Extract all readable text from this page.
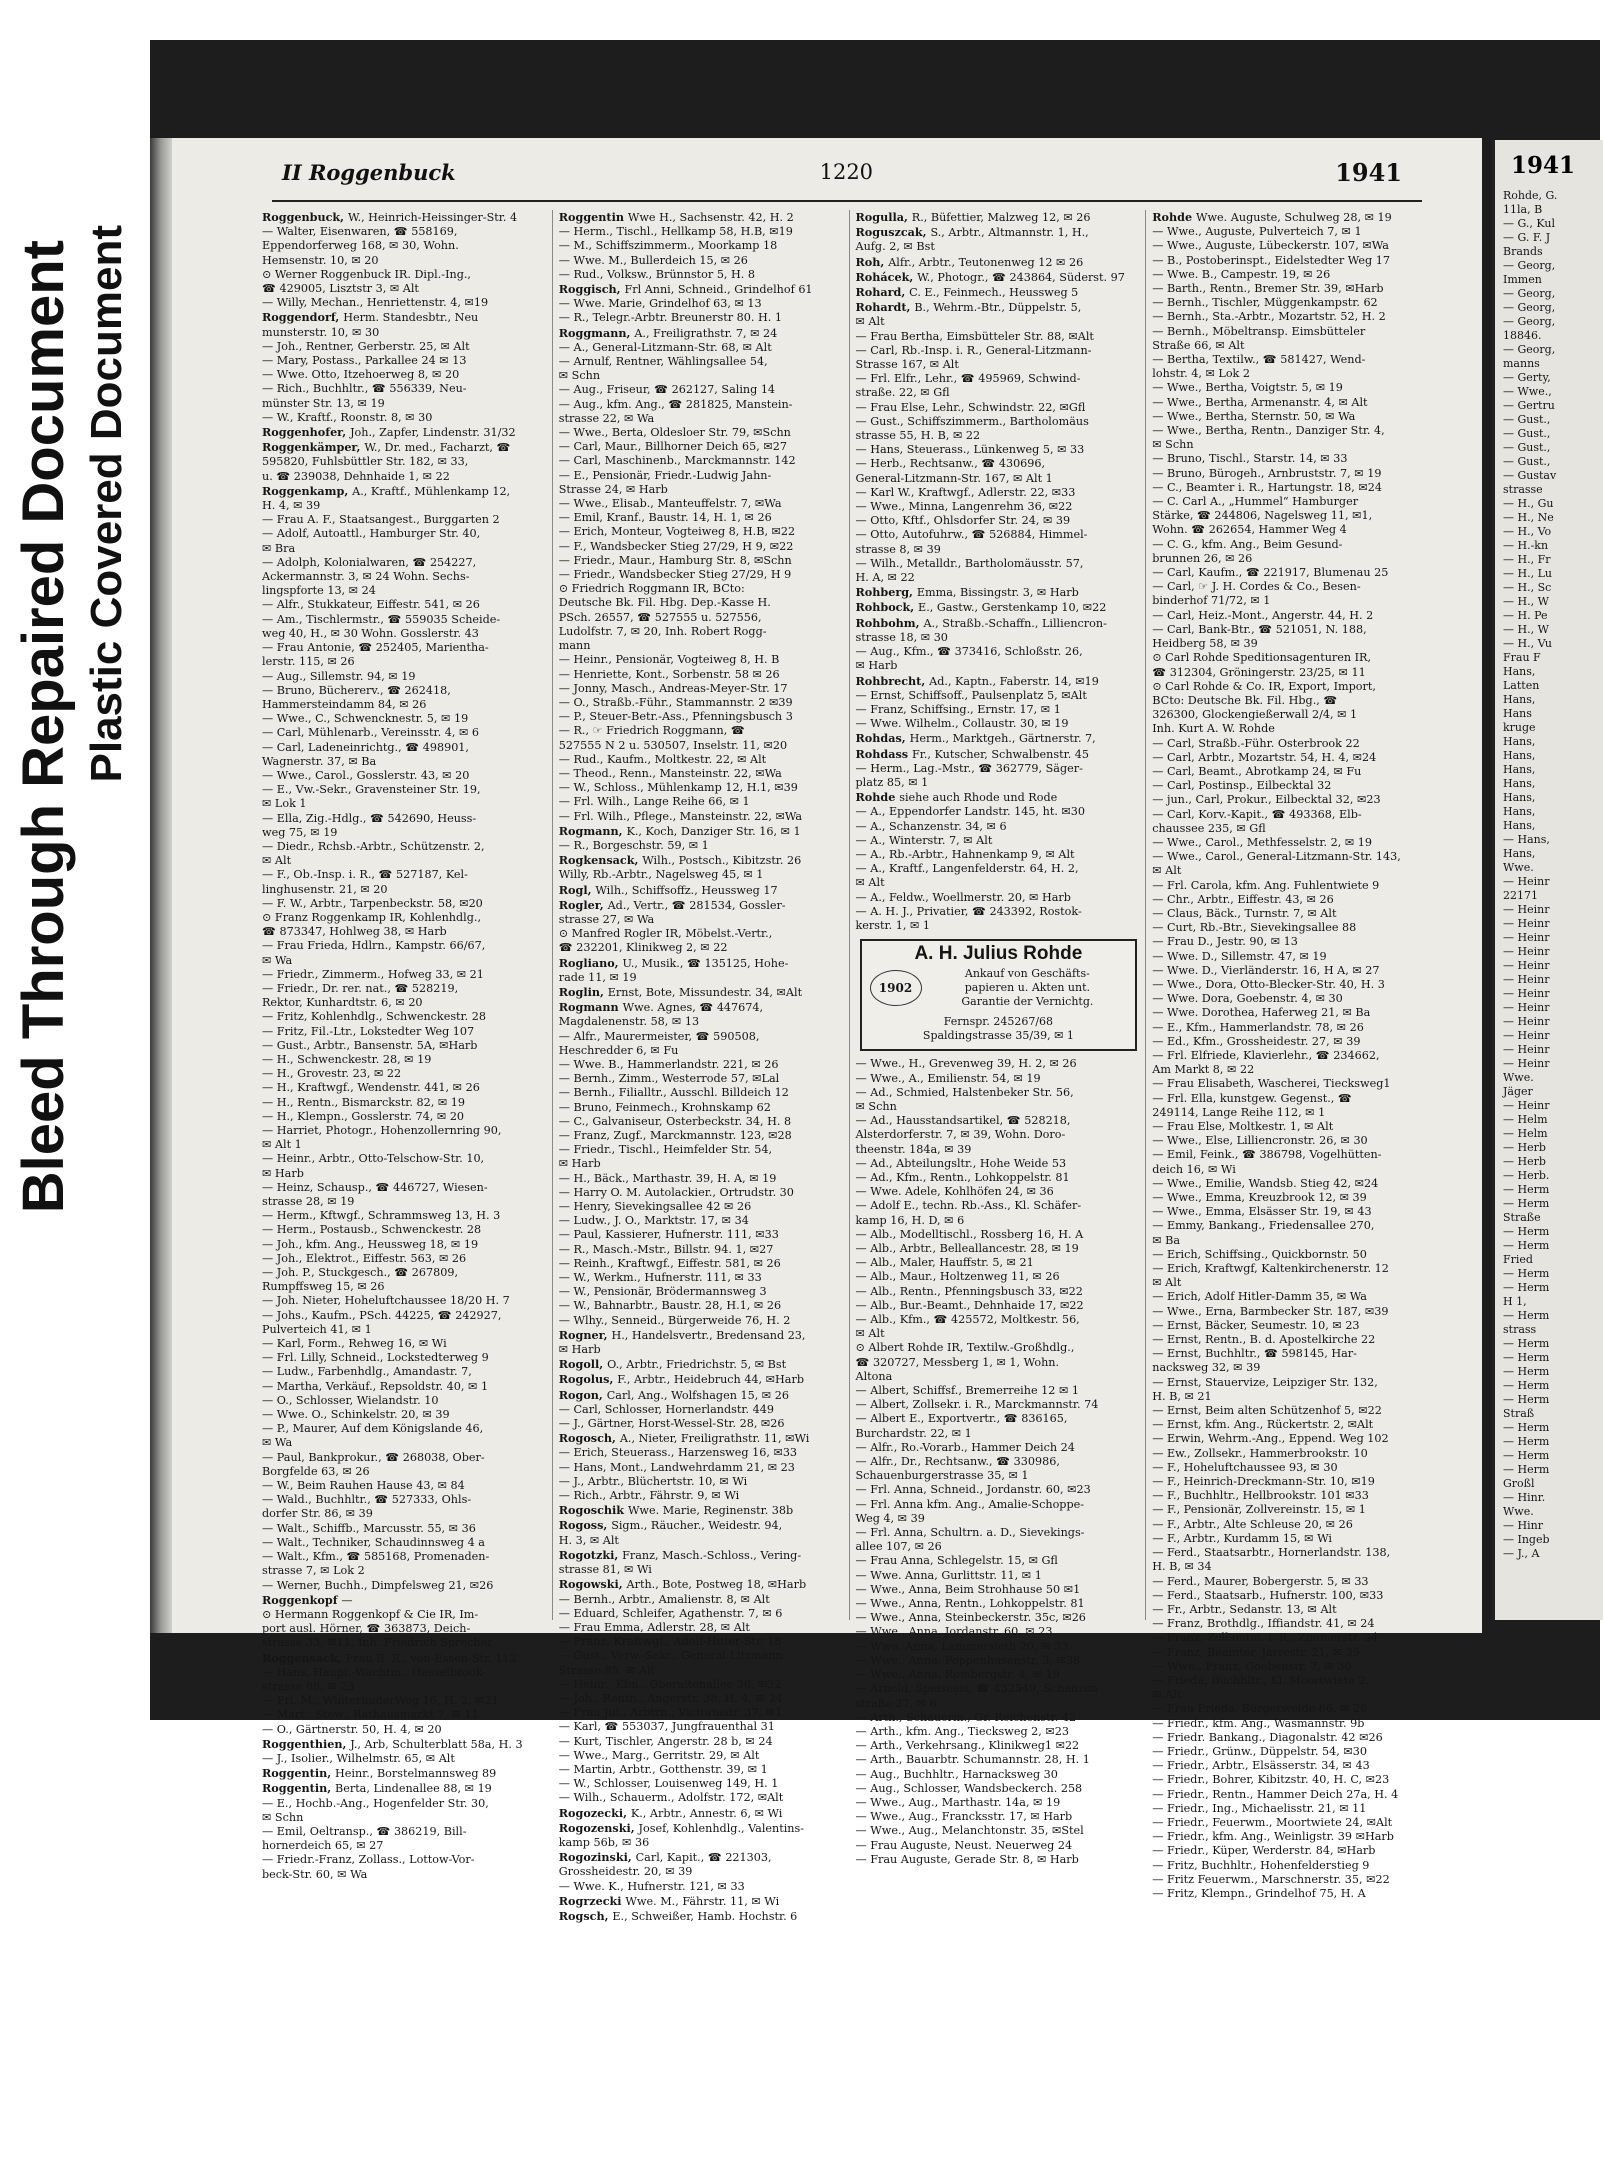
Bleed Through Repaired Document Plastic Covered Document
II Roggenbuck	1220	1941
Roggenbuck, W., Heinrich-Heissinger-Str. 4
— Walter, Eisenwaren, ☎ 558169,
Eppendorferweg 168, ✉ 30, Wohn.
Hemsenstr. 10, ✉ 20
⊙ Werner Roggenbuck IR. Dipl.-Ing.,
☎ 429005, Lisztstr 3, ✉ Alt
— Willy, Mechan., Henriettenstr. 4, ✉19
Roggendorf, Herm. Standesbtr., Neu
munsterstr. 10, ✉ 30
— Joh., Rentner, Gerberstr. 25, ✉ Alt
— Mary, Postass., Parkallee 24 ✉ 13
— Wwe. Otto, Itzehoerweg 8, ✉ 20
— Rich., Buchhltr., ☎ 556339, Neu-
münster Str. 13, ✉ 19
— W., Kraftf., Roonstr. 8, ✉ 30
Roggenhofer, Joh., Zapfer, Lindenstr. 31/32
Roggenkämper, W., Dr. med., Facharzt, ☎
595820, Fuhlsbüttler Str. 182, ✉ 33,
u. ☎ 239038, Dehnhaide 1, ✉ 22
Roggenkamp, A., Kraftf., Mühlenkamp 12,
H. 4, ✉ 39
— Frau A. F., Staatsangest., Burggarten 2
— Adolf, Autoattl., Hamburger Str. 40,
✉ Bra
— Adolph, Kolonialwaren, ☎ 254227,
Ackermannstr. 3, ✉ 24 Wohn. Sechs-
lingspforte 13, ✉ 24
— Alfr., Stukkateur, Eiffestr. 541, ✉ 26
— Am., Tischlermstr., ☎ 559035 Scheide-
weg 40, H., ✉ 30 Wohn. Gosslerstr. 43
— Frau Antonie, ☎ 252405, Marientha-
lerstr. 115, ✉ 26
— Aug., Sillemstr. 94, ✉ 19
— Bruno, Büchererv., ☎ 262418,
Hammersteindamm 84, ✉ 26
— Wwe., C., Schwencknestr. 5, ✉ 19
— Carl, Mühlenarb., Vereinsstr. 4, ✉ 6
— Carl, Ladeneinrichtg., ☎ 498901,
Wagnerstr. 37, ✉ Ba
— Wwe., Carol., Gosslerstr. 43, ✉ 20
— E., Vw.-Sekr., Gravensteiner Str. 19,
✉ Lok 1
— Ella, Zig.-Hdlg., ☎ 542690, Heuss-
weg 75, ✉ 19
— Diedr., Rchsb.-Arbtr., Schützenstr. 2,
✉ Alt
— F., Ob.-Insp. i. R., ☎ 527187, Kel-
linghusenstr. 21, ✉ 20
— F. W., Arbtr., Tarpenbeckstr. 58, ✉20
⊙ Franz Roggenkamp IR, Kohlenhdlg.,
☎ 873347, Hohlweg 38, ✉ Harb
— Frau Frieda, Hdlrn., Kampstr. 66/67,
✉ Wa
— Friedr., Zimmerm., Hofweg 33, ✉ 21
— Friedr., Dr. rer. nat., ☎ 528219,
Rektor, Kunhardtstr. 6, ✉ 20
— Fritz, Kohlenhdlg., Schwenckestr. 28
— Fritz, Fil.-Ltr., Lokstedter Weg 107
— Gust., Arbtr., Bansenstr. 5A, ✉Harb
— H., Schwenckestr. 28, ✉ 19
— H., Grovestr. 23, ✉ 22
— H., Kraftwgf., Wendenstr. 441, ✉ 26
— H., Rentn., Bismarckstr. 82, ✉ 19
— H., Klempn., Gosslerstr. 74, ✉ 20
— Harriet, Photogr., Hohenzollernring 90,
✉ Alt 1
— Heinr., Arbtr., Otto-Telschow-Str. 10,
✉ Harb
— Heinz, Schausp., ☎ 446727, Wiesen-
strasse 28, ✉ 19
— Herm., Kftwgf., Schrammsweg 13, H. 3
— Herm., Postausb., Schwenckestr. 28
— Joh., kfm. Ang., Heussweg 18, ✉ 19
— Joh., Elektrot., Eiffestr. 563, ✉ 26
— Joh. P., Stuckgesch., ☎ 267809,
Rumpffsweg 15, ✉ 26
— Joh. Nieter, Hoheluftchaussee 18/20 H. 7
— Johs., Kaufm., PSch. 44225, ☎ 242927,
Pulverteich 41, ✉ 1
— Karl, Form., Rehweg 16, ✉ Wi
— Frl. Lilly, Schneid., Lockstedterweg 9
— Ludw., Farbenhdlg., Amandastr. 7,
— Martha, Verkäuf., Repsoldstr. 40, ✉ 1
— O., Schlosser, Wielandstr. 10
— Wwe. O., Schinkelstr. 20, ✉ 39
— P., Maurer, Auf dem Königslande 46,
✉ Wa
— Paul, Bankprokur., ☎ 268038, Ober-
Borgfelde 63, ✉ 26
— W., Beim Rauhen Hause 43, ✉ 84
— Wald., Buchhltr., ☎ 527333, Ohls-
dorfer Str. 86, ✉ 39
— Walt., Schiffb., Marcusstr. 55, ✉ 36
— Walt., Techniker, Schaudinnsweg 4 a
— Walt., Kfm., ☎ 585168, Promenaden-
strasse 7, ✉ Lok 2
— Werner, Buchh., Dimpfelsweg 21, ✉26
Roggenkopf —
⊙ Hermann Roggenkopf & Cie IR, Im-
port ausl. Hörner, ☎ 363873, Deich-
strasse 33, ✉11, Inh. Friedrich Sprecher
Roggensack, Frau B. R., von-Essen-Str. 112
— Hans, Haupt.-Wachtm., Hasselbrook-
strasse 88, ✉ 23
— Frl. M., WinterhuderWeg 16, H. 2, ✉21
— Mart., Stew., Rathausmarkt 7, ✉ 11
— O., Gärtnerstr. 50, H. 4, ✉ 20
Roggenthien, J., Arb, Schulterblatt 58a, H. 3
— J., Isolier., Wilhelmstr. 65, ✉ Alt
Roggentin, Heinr., Borstelmannsweg 89
Roggentin, Berta, Lindenallee 88, ✉ 19
— E., Hochb.-Ang., Hogenfelder Str. 30,
✉ Schn
— Emil, Oeltransp., ☎ 386219, Bill-
hornerdeich 65, ✉ 27
— Friedr.-Franz, Zollass., Lottow-Vor-
beck-Str. 60, ✉ Wa
Roggentin Wwe H., Sachsenstr. 42, H. 2
— Herm., Tischl., Hellkamp 58, H.B, ✉19
— M., Schiffszimmerm., Moorkamp 18
— Wwe. M., Bullerdeich 15, ✉ 26
— Rud., Volksw., Brünnstor 5, H. 8
Roggisch, Frl Anni, Schneid., Grindelhof 61
— Wwe. Marie, Grindelhof 63, ✉ 13
— R., Telegr.-Arbtr. Breunerstr 80. H. 1
Roggmann, A., Freiligrathstr. 7, ✉ 24
— A., General-Litzmann-Str. 68, ✉ Alt
— Arnulf, Rentner, Wählingsallee 54,
✉ Schn
— Aug., Friseur, ☎ 262127, Saling 14
— Aug., kfm. Ang., ☎ 281825, Manstein-
strasse 22, ✉ Wa
— Wwe., Berta, Oldesloer Str. 79, ✉Schn
— Carl, Maur., Billhorner Deich 65, ✉27
— Carl, Maschinenb., Marckmannstr. 142
— E., Pensionär, Friedr.-Ludwig Jahn-
Strasse 24, ✉ Harb
— Wwe., Elisab., Manteuffelstr. 7, ✉Wa
— Emil, Kranf., Baustr. 14, H. 1, ✉ 26
— Erich, Monteur, Vogteiweg 8, H.B, ✉22
— F., Wandsbecker Stieg 27/29, H 9, ✉22
— Friedr., Maur., Hamburg Str. 8, ✉Schn
— Friedr., Wandsbecker Stieg 27/29, H 9
⊙ Friedrich Roggmann IR, BCto:
Deutsche Bk. Fil. Hbg. Dep.-Kasse H.
PSch. 26557, ☎ 527555 u. 527556,
Ludolfstr. 7, ✉ 20, Inh. Robert Rogg-
mann
— Heinr., Pensionär, Vogteiweg 8, H. B
— Henriette, Kont., Sorbenstr. 58 ✉ 26
— Jonny, Masch., Andreas-Meyer-Str. 17
— O., Straßb.-Führ., Stammannstr. 2 ✉39
— P., Steuer-Betr.-Ass., Pfenningsbusch 3
— R., ☞ Friedrich Roggmann, ☎
527555 N 2 u. 530507, Inselstr. 11, ✉20
— Rud., Kaufm., Moltkestr. 22, ✉ Alt
— Theod., Renn., Mansteinstr. 22, ✉Wa
— W., Schloss., Mühlenkamp 12, H.1, ✉39
— Frl. Wilh., Lange Reihe 66, ✉ 1
— Frl. Wilh., Pflege., Mansteinstr. 22, ✉Wa
Rogmann, K., Koch, Danziger Str. 16, ✉ 1
— R., Borgeschstr. 59, ✉ 1
Rogkensack, Wilh., Postsch., Kibitzstr. 26
Willy, Rb.-Arbtr., Nagelsweg 45, ✉ 1
Rogl, Wilh., Schiffsoffz., Heussweg 17
Rogler, Ad., Vertr., ☎ 281534, Gossler-
strasse 27, ✉ Wa
⊙ Manfred Rogler IR, Möbelst.-Vertr.,
☎ 232201, Klinikweg 2, ✉ 22
Rogliano, U., Musik., ☎ 135125, Hohe-
rade 11, ✉ 19
Roglin, Ernst, Bote, Missundestr. 34, ✉Alt
Rogmann Wwe. Agnes, ☎ 447674,
Magdalenenstr. 58, ✉ 13
— Alfr., Maurermeister, ☎ 590508,
Heschredder 6, ✉ Fu
— Wwe. B., Hammerlandstr. 221, ✉ 26
— Bernh., Zimm., Westerrode 57, ✉Lal
— Bernh., Filialltr., Ausschl. Billdeich 12
— Bruno, Feinmech., Krohnskamp 62
— C., Galvaniseur, Osterbeckstr. 34, H. 8
— Franz, Zugf., Marckmannstr. 123, ✉28
— Friedr., Tischl., Heimfelder Str. 54,
✉ Harb
— H., Bäck., Marthastr. 39, H. A, ✉ 19
— Harry O. M. Autolackier., Ortrudstr. 30
— Henry, Sievekingsallee 42 ✉ 26
— Ludw., J. O., Marktstr. 17, ✉ 34
— Paul, Kassierer, Hufnerstr. 111, ✉33
— R., Masch.-Mstr., Billstr. 94. 1, ✉27
— Reinh., Kraftwgf., Eiffestr. 581, ✉ 26
— W., Werkm., Hufnerstr. 111, ✉ 33
— W., Pensionär, Brödermannsweg 3
— W., Bahnarbtr., Baustr. 28, H.1, ✉ 26
— Wlhy., Senneid., Bürgerweide 76, H. 2
Rogner, H., Handelsvertr., Bredensand 23,
✉ Harb
Rogoll, O., Arbtr., Friedrichstr. 5, ✉ Bst
Rogolus, F., Arbtr., Heidebruch 44, ✉Harb
Rogon, Carl, Ang., Wolfshagen 15, ✉ 26
— Carl, Schlosser, Hornerlandstr. 449
— J., Gärtner, Horst-Wessel-Str. 28, ✉26
Rogosch, A., Nieter, Freiligrathstr. 11, ✉Wi
— Erich, Steuerass., Harzensweg 16, ✉33
— Hans, Mont., Landwehrdamm 21, ✉ 23
— J., Arbtr., Blüchertstr. 10, ✉ Wi
— Rich., Arbtr., Fährstr. 9, ✉ Wi
Rogoschik Wwe. Marie, Reginenstr. 38b
Rogoss, Sigm., Räucher., Weidestr. 94,
H. 3, ✉ Alt
Rogotzki, Franz, Masch.-Schloss., Vering-
strasse 81, ✉ Wi
Rogowski, Arth., Bote, Postweg 18, ✉Harb
— Bernh., Arbtr., Amalienstr. 8, ✉ Alt
— Eduard, Schleifer, Agathenstr. 7, ✉ 6
— Frau Emma, Adlerstr. 28, ✉ Alt
— Franz, Kraftwgf., Adolf-Hitler-Str. 18
— Gust., Verw.-Sekr., General-Litzmann-
Strasse 85, ✉ Alt
— Heinr., Kfm., Oberaltenallee 36, ✉22
— Joh., Rentn., Angerstr. 38, H. 4, ✉ 24
— Frau Jul., Arbtrn., Victoriastr. 37, ✉1
— Karl, ☎ 553037, Jungfrauenthal 31
— Kurt, Tischler, Angerstr. 28 b, ✉ 24
— Wwe., Marg., Gerritstr. 29, ✉ Alt
— Martin, Arbtr., Gotthenstr. 39, ✉ 1
— W., Schlosser, Louisenweg 149, H. 1
— Wilh., Schauerm., Adolfstr. 172, ✉Alt
Rogozecki, K., Arbtr., Annestr. 6, ✉ Wi
Rogozenski, Josef, Kohlenhdlg., Valentins-
kamp 56b, ✉ 36
Rogozinski, Carl, Kapit., ☎ 221303,
Grossheidestr. 20, ✉ 39
— Wwe. K., Hufnerstr. 121, ✉ 33
Rogrzecki Wwe. M., Fährstr. 11, ✉ Wi
Rogsch, E., Schweißer, Hamb. Hochstr. 6
Rogulla, R., Büfettier, Malzweg 12, ✉ 26
Roguszcak, S., Arbtr., Altmannstr. 1, H.,
Aufg. 2, ✉ Bst
Roh, Alfr., Arbtr., Teutonenweg 12 ✉ 26
Rohácek, W., Photogr., ☎ 243864, Süderst. 97
Rohard, C. E., Feinmech., Heussweg 5
Rohardt, B., Wehrm.-Btr., Düppelstr. 5,
✉ Alt
— Frau Bertha, Eimsbütteler Str. 88, ✉Alt
— Carl, Rb.-Insp. i. R., General-Litzmann-
Strasse 167, ✉ Alt
— Frl. Elfr., Lehr., ☎ 495969, Schwind-
straße. 22, ✉ Gfl
— Frau Else, Lehr., Schwindstr. 22, ✉Gfl
— Gust., Schiffszimmerm., Bartholomäus
strasse 55, H. B, ✉ 22
— Hans, Steuerass., Lünkenweg 5, ✉ 33
— Herb., Rechtsanw., ☎ 430696,
General-Litzmann-Str. 167, ✉ Alt 1
— Karl W., Kraftwgf., Adlerstr. 22, ✉33
— Wwe., Minna, Langenrehm 36, ✉22
— Otto, Kftf., Ohlsdorfer Str. 24, ✉ 39
— Otto, Autofuhrw., ☎ 526884, Himmel-
strasse 8, ✉ 39
— Wilh., Metalldr., Bartholomäusstr. 57,
H. A, ✉ 22
Rohberg, Emma, Bissingstr. 3, ✉ Harb
Rohbock, E., Gastw., Gerstenkamp 10, ✉22
Rohbohm, A., Straßb.-Schaffn., Lilliencron-
strasse 18, ✉ 30
— Aug., Kfm., ☎ 373416, Schloßstr. 26,
✉ Harb
Rohbrecht, Ad., Kaptn., Faberstr. 14, ✉19
— Ernst, Schiffsoff., Paulsenplatz 5, ✉Alt
— Franz, Schiffsing., Ernstr. 17, ✉ 1
— Wwe. Wilhelm., Collaustr. 30, ✉ 19
Rohdas, Herm., Marktgeh., Gärtnerstr. 7,
Rohdass Fr., Kutscher, Schwalbenstr. 45
— Herm., Lag.-Mstr., ☎ 362779, Säger-
platz 85, ✉ 1
Rohde siehe auch Rhode und Rode
— A., Eppendorfer Landstr. 145, ht. ✉30
— A., Schanzenstr. 34, ✉ 6
— A., Winterstr. 7, ✉ Alt
— A., Rb.-Arbtr., Hahnenkamp 9, ✉ Alt
— A., Kraftf., Langenfelderstr. 64, H. 2,
✉ Alt
— A., Feldw., Woellmerstr. 20, ✉ Harb
— A. H. J., Privatier, ☎ 243392, Rostok-
kerstr. 1, ✉ 1
A. H. Julius Rohde
1902
Ankauf von Geschäfts-
papieren u. Akten unt.
Garantie der Vernichtg.
Fernspr. 245267/68
Spaldingstrasse 35/39, ✉ 1
— Wwe., H., Grevenweg 39, H. 2, ✉ 26
— Wwe., A., Emilienstr. 54, ✉ 19
— Ad., Schmied, Halstenbeker Str. 56,
✉ Schn
— Ad., Hausstandsartikel, ☎ 528218,
Alsterdorferstr. 7, ✉ 39, Wohn. Doro-
theenstr. 184a, ✉ 39
— Ad., Abteilungsltr., Hohe Weide 53
— Ad., Kfm., Rentn., Lohkoppelstr. 81
— Wwe. Adele, Kohlhöfen 24, ✉ 36
— Adolf E., techn. Rb.-Ass., Kl. Schäfer-
kamp 16, H. D, ✉ 6
— Alb., Modelltischl., Rossberg 16, H. A
— Alb., Arbtr., Belleallancestr. 28, ✉ 19
— Alb., Maler, Hauffstr. 5, ✉ 21
— Alb., Maur., Holtzenweg 11, ✉ 26
— Alb., Rentn., Pfenningsbusch 33, ✉22
— Alb., Bur.-Beamt., Dehnhaide 17, ✉22
— Alb., Kfm., ☎ 425572, Moltkestr. 56,
✉ Alt
⊙ Albert Rohde IR, Textilw.-Großhdlg.,
☎ 320727, Messberg 1, ✉ 1, Wohn.
Altona
— Albert, Schiffsf., Bremerreihe 12 ✉ 1
— Albert, Zollsekr. i. R., Marckmannstr. 74
— Albert E., Exportvertr., ☎ 836165,
Burchardstr. 22, ✉ 1
— Alfr., Ro.-Vorarb., Hammer Deich 24
— Alfr., Dr., Rechtsanw., ☎ 330986,
Schauenburgerstrasse 35, ✉ 1
— Frl. Anna, Schneid., Jordanstr. 60, ✉23
— Frl. Anna kfm. Ang., Amalie-Schoppe-
Weg 4, ✉ 39
— Frl. Anna, Schultrn. a. D., Sievekings-
allee 107, ✉ 26
— Frau Anna, Schlegelstr. 15, ✉ Gfl
— Wwe. Anna, Gurlittstr. 11, ✉ 1
— Wwe., Anna, Beim Strohhause 50 ✉1
— Wwe., Anna, Rentn., Lohkoppelstr. 81
— Wwe., Anna, Steinbeckerstr. 35c, ✉26
— Wwe., Anna, Jordanstr. 60, ✉ 23
— Wwe. Anna, Lammersieth 20, ✉ 33
— Wwe., Anna, Poppenhusenstr. 3, ✉38
— Wwe., Anna, Rombergstr. 4, ✉ 19
— Arnold, Speiseeis, ☎ 432549, Schanzen-
straße 27, ✉ 6
— Arth., Schauerm., Gr. Reichenstr. 42
— Arth., kfm. Ang., Tiecksweg 2, ✉23
— Arth., Verkehrsang., Klinikweg1 ✉22
— Arth., Bauarbtr. Schumannstr. 28, H. 1
— Aug., Buchhltr., Harnacksweg 30
— Aug., Schlosser, Wandsbeckerch. 258
— Wwe., Aug., Marthastr. 14a, ✉ 19
— Wwe., Aug., Francksstr. 17, ✉ Harb
— Wwe., Aug., Melanchtonstr. 35, ✉Stel
— Frau Auguste, Neust. Neuerweg 24
— Frau Auguste, Gerade Str. 8, ✉ Harb
Rohde Wwe. Auguste, Schulweg 28, ✉ 19
— Wwe., Auguste, Pulverteich 7, ✉ 1
— Wwe., Auguste, Lübeckerstr. 107, ✉Wa
— B., Postoberinspt., Eidelstedter Weg 17
— Wwe. B., Campestr. 19, ✉ 26
— Barth., Rentn., Bremer Str. 39, ✉Harb
— Bernh., Tischler, Müggenkampstr. 62
— Bernh., Sta.-Arbtr., Mozartstr. 52, H. 2
— Bernh., Möbeltransp. Eimsbütteler
Straße 66, ✉ Alt
— Bertha, Textilw., ☎ 581427, Wend-
lohstr. 4, ✉ Lok 2
— Wwe., Bertha, Voigtstr. 5, ✉ 19
— Wwe., Bertha, Armenanstr. 4, ✉ Alt
— Wwe., Bertha, Sternstr. 50, ✉ Wa
— Wwe., Bertha, Rentn., Danziger Str. 4,
✉ Schn
— Bruno, Tischl., Starstr. 14, ✉ 33
— Bruno, Bürogeh., Arnbruststr. 7, ✉ 19
— C., Beamter i. R., Hartungstr. 18, ✉24
— C. Carl A., „Hummel“ Hamburger
Stärke, ☎ 244806, Nagelsweg 11, ✉1,
Wohn. ☎ 262654, Hammer Weg 4
— C. G., kfm. Ang., Beim Gesund-
brunnen 26, ✉ 26
— Carl, Kaufm., ☎ 221917, Blumenau 25
— Carl, ☞ J. H. Cordes & Co., Besen-
binderhof 71/72, ✉ 1
— Carl, Heiz.-Mont., Angerstr. 44, H. 2
— Carl, Bank-Btr., ☎ 521051, N. 188,
Heidberg 58, ✉ 39
⊙ Carl Rohde Speditionsagenturen IR,
☎ 312304, Gröningerstr. 23/25, ✉ 11
⊙ Carl Rohde & Co. IR, Export, Import,
BCto: Deutsche Bk. Fil. Hbg., ☎
326300, Glockengießerwall 2/4, ✉ 1
Inh. Kurt A. W. Rohde
— Carl, Straßb.-Führ. Osterbrook 22
— Carl, Arbtr., Mozartstr. 54, H. 4, ✉24
— Carl, Beamt., Abrotkamp 24, ✉ Fu
— Carl, Postinsp., Eilbecktal 32
— jun., Carl, Prokur., Eilbecktal 32, ✉23
— Carl, Korv.-Kapit., ☎ 493368, Elb-
chaussee 235, ✉ Gfl
— Wwe., Carol., Methfesselstr. 2, ✉ 19
— Wwe., Carol., General-Litzmann-Str. 143,
✉ Alt
— Frl. Carola, kfm. Ang. Fuhlentwiete 9
— Chr., Arbtr., Eiffestr. 43, ✉ 26
— Claus, Bäck., Turnstr. 7, ✉ Alt
— Curt, Rb.-Btr., Sievekingsallee 88
— Frau D., Jestr. 90, ✉ 13
— Wwe. D., Sillemstr. 47, ✉ 19
— Wwe. D., Vierländerstr. 16, H A, ✉ 27
— Wwe., Dora, Otto-Blecker-Str. 40, H. 3
— Wwe. Dora, Goebenstr. 4, ✉ 30
— Wwe. Dorothea, Haferweg 21, ✉ Ba
— E., Kfm., Hammerlandstr. 78, ✉ 26
— Ed., Kfm., Grossheidestr. 27, ✉ 39
— Frl. Elfriede, Klavierlehr., ☎ 234662,
Am Markt 8, ✉ 22
— Frau Elisabeth, Wascherei, Tiecksweg1
— Frl. Ella, kunstgew. Gegenst., ☎
249114, Lange Reihe 112, ✉ 1
— Frau Else, Moltkestr. 1, ✉ Alt
— Wwe., Else, Lilliencronstr. 26, ✉ 30
— Emil, Feink., ☎ 386798, Vogelhütten-
deich 16, ✉ Wi
— Wwe., Emilie, Wandsb. Stieg 42, ✉24
— Wwe., Emma, Kreuzbrook 12, ✉ 39
— Wwe., Emma, Elsässer Str. 19, ✉ 43
— Emmy, Bankang., Friedensallee 270,
✉ Ba
— Erich, Schiffsing., Quickbornstr. 50
— Erich, Kraftwgf, Kaltenkirchenerstr. 12
✉ Alt
— Erich, Adolf Hitler-Damm 35, ✉ Wa
— Wwe., Erna, Barmbecker Str. 187, ✉39
— Ernst, Bäcker, Seumestr. 10, ✉ 23
— Ernst, Rentn., B. d. Apostelkirche 22
— Ernst, Buchhltr., ☎ 598145, Har-
nacksweg 32, ✉ 39
— Ernst, Stauervize, Leipziger Str. 132,
H. B, ✉ 21
— Ernst, Beim alten Schützenhof 5, ✉22
— Ernst, kfm. Ang., Rückertstr. 2, ✉Alt
— Erwin, Wehrm.-Ang., Eppend. Weg 102
— Ew., Zollsekr., Hammerbrookstr. 10
— F., Hoheluftchaussee 93, ✉ 30
— F., Heinrich-Dreckmann-Str. 10, ✉19
— F., Buchhltr., Hellbrookstr. 101 ✉33
— F., Pensionär, Zollvereinstr. 15, ✉ 1
— F., Arbtr., Alte Schleuse 20, ✉ 26
— F., Arbtr., Kurdamm 15, ✉ Wi
— Ferd., Staatsarbtr., Hornerlandstr. 138,
H. B, ✉ 34
— Ferd., Maurer, Bobergerstr. 5, ✉ 33
— Ferd., Staatsarb., Hufnerstr. 100, ✉33
— Fr., Arbtr., Sedanstr. 13, ✉ Alt
— Franz, Brothdlg., Iffiandstr. 41, ✉ 24
— Franz, Zollamtm. i. R., Zimmerstr. 34
— Franz, Beamter, Jarrestr. 21, ✉ 39
— Wwe., Franz, Goebenstr. 7, ✉ 30
— Frieda, Buchhltr., Kl. Moortwiete 2,
✉ Alt
— Frau Frieda, Bürgerweide 66, ✉ 26
— Friedr., kfm. Ang., Wasmannstr. 9b
— Friedr. Bankang., Diagonalstr. 42 ✉26
— Friedr., Grünw., Düppelstr. 54, ✉30
— Friedr., Arbtr., Elsässerstr. 34, ✉ 43
— Friedr., Bohrer, Kibitzstr. 40, H. C, ✉23
— Friedr., Rentn., Hammer Deich 27a, H. 4
— Friedr., Ing., Michaelisstr. 21, ✉ 11
— Friedr., Feuerwm., Moortwiete 24, ✉Alt
— Friedr., kfm. Ang., Weinligstr. 39 ✉Harb
— Friedr., Küper, Werderstr. 84, ✉Harb
— Fritz, Buchhltr., Hohenfelderstieg 9
— Fritz Feuerwm., Marschnerstr. 35, ✉22
— Fritz, Klempn., Grindelhof 75, H. A
1941
Rohde, G.
11la, B
— G., Kul
— G. F. J
Brands
— Georg,
Immen
— Georg,
— Georg,
— Georg,
18846.
— Georg,
manns
— Gerty,
— Wwe.,
— Gertru
— Gust.,
— Gust.,
— Gust.,
— Gust.,
— Gustav
strasse
— H., Gu
— H., Ne
— H., Vo
— H.-kn
— H., Fr
— H., Lu
— H., Sc
— H., W
— H. Pe
— H., W
— H., Vu
Frau F
Hans,
Latten
Hans,
Hans
kruge
Hans,
Hans,
Hans,
Hans,
Hans,
Hans,
Hans,
— Hans,
Hans,
Wwe.
— Heinr
22171
— Heinr
— Heinr
— Heinr
— Heinr
— Heinr
— Heinr
— Heinr
— Heinr
— Heinr
— Heinr
— Heinr
— Heinr
Wwe.
Jäger
— Heinr
— Helm
— Helm
— Herb
— Herb
— Herb.
— Herm
— Herm
Straße
— Herm
— Herm
Fried
— Herm
— Herm
H 1,
— Herm
strass
— Herm
— Herm
— Herm
— Herm
— Herm
Straß
— Herm
— Herm
— Herm
— Herm
Großl
— Hinr.
Wwe.
— Hinr
— Ingeb
— J., A
